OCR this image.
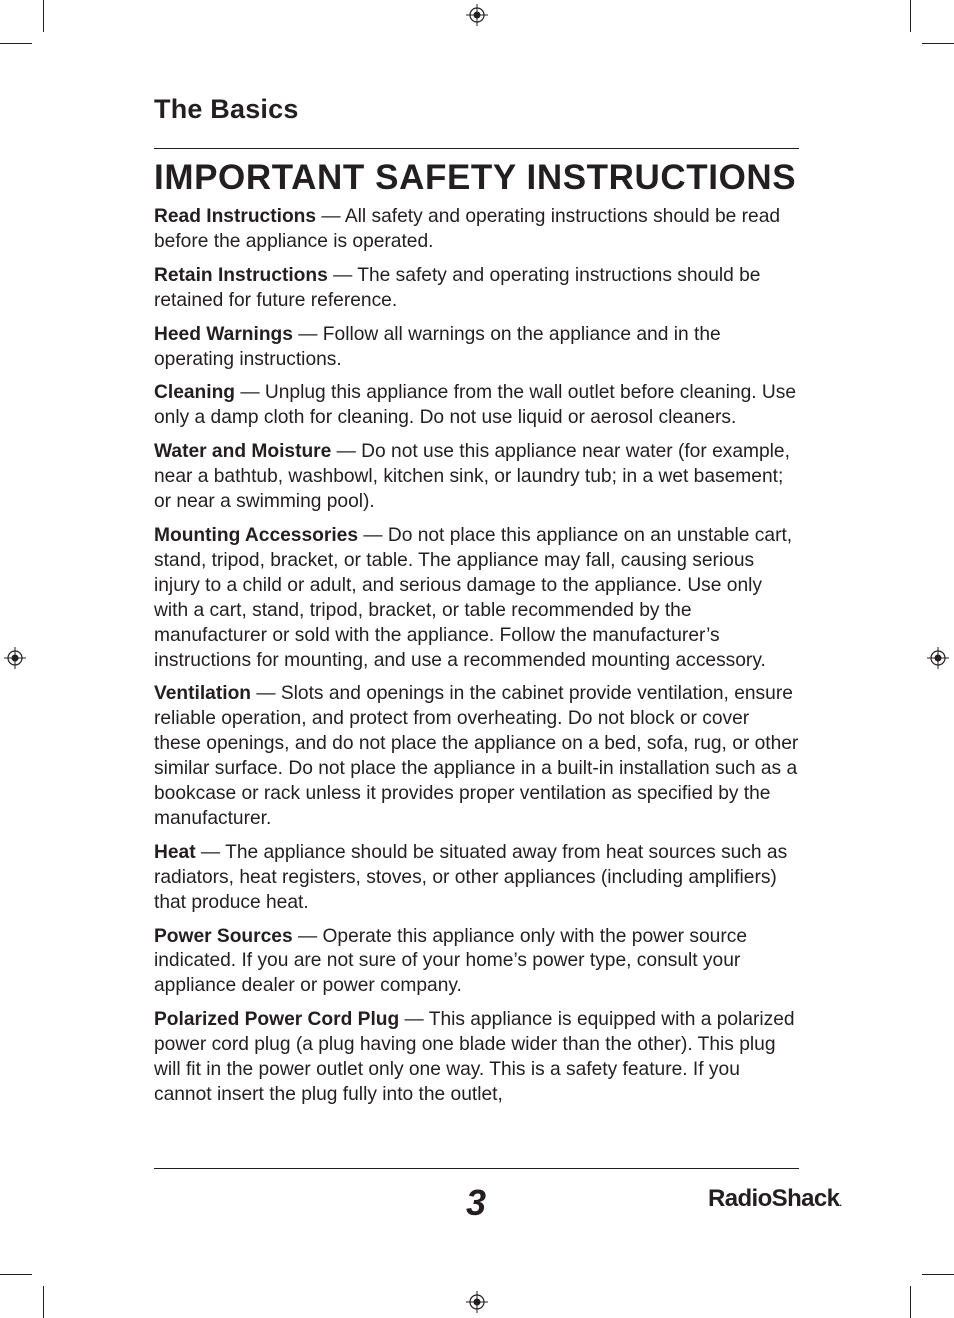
The Basics
IMPORTANT SAFETY INSTRUCTIONS

Read Instructions — All safety and operating instructions should be read before the appliance is operated.

Retain Instructions — The safety and operating instructions should be retained for future reference.

Heed Warnings — Follow all warnings on the appliance and in the operating instructions.

Cleaning — Unplug this appliance from the wall outlet before cleaning. Use only a damp cloth for cleaning. Do not use liquid or aerosol cleaners.

Water and Moisture — Do not use this appliance near water (for example, near a bathtub, washbowl, kitchen sink, or laundry tub; in a wet basement; or near a swimming pool).

Mounting Accessories — Do not place this appliance on an unstable cart, stand, tripod, bracket, or table. The appliance may fall, causing serious injury to a child or adult, and serious damage to the appliance. Use only with a cart, stand, tripod, bracket, or table recommended by the manufacturer or sold with the appliance. Follow the manufacturer’s instructions for mounting, and use a recommended mounting accessory.

Ventilation — Slots and openings in the cabinet provide ventilation, ensure reliable operation, and protect from overheating. Do not block or cover these openings, and do not place the appliance on a bed, sofa, rug, or other similar surface. Do not place the appliance in a built-in installation such as a bookcase or rack unless it provides proper ventilation as specified by the manufacturer.

Heat — The appliance should be situated away from heat sources such as radiators, heat registers, stoves, or other appliances (including amplifiers) that produce heat.

Power Sources — Operate this appliance only with the power source indicated. If you are not sure of your home’s power type, consult your appliance dealer or power company.

Polarized Power Cord Plug — This appliance is equipped with a polarized power cord plug (a plug having one blade wider than the other). This plug will fit in the power outlet only one way. This is a safety feature. If you cannot insert the plug fully into the outlet,

3	RadioShack.
